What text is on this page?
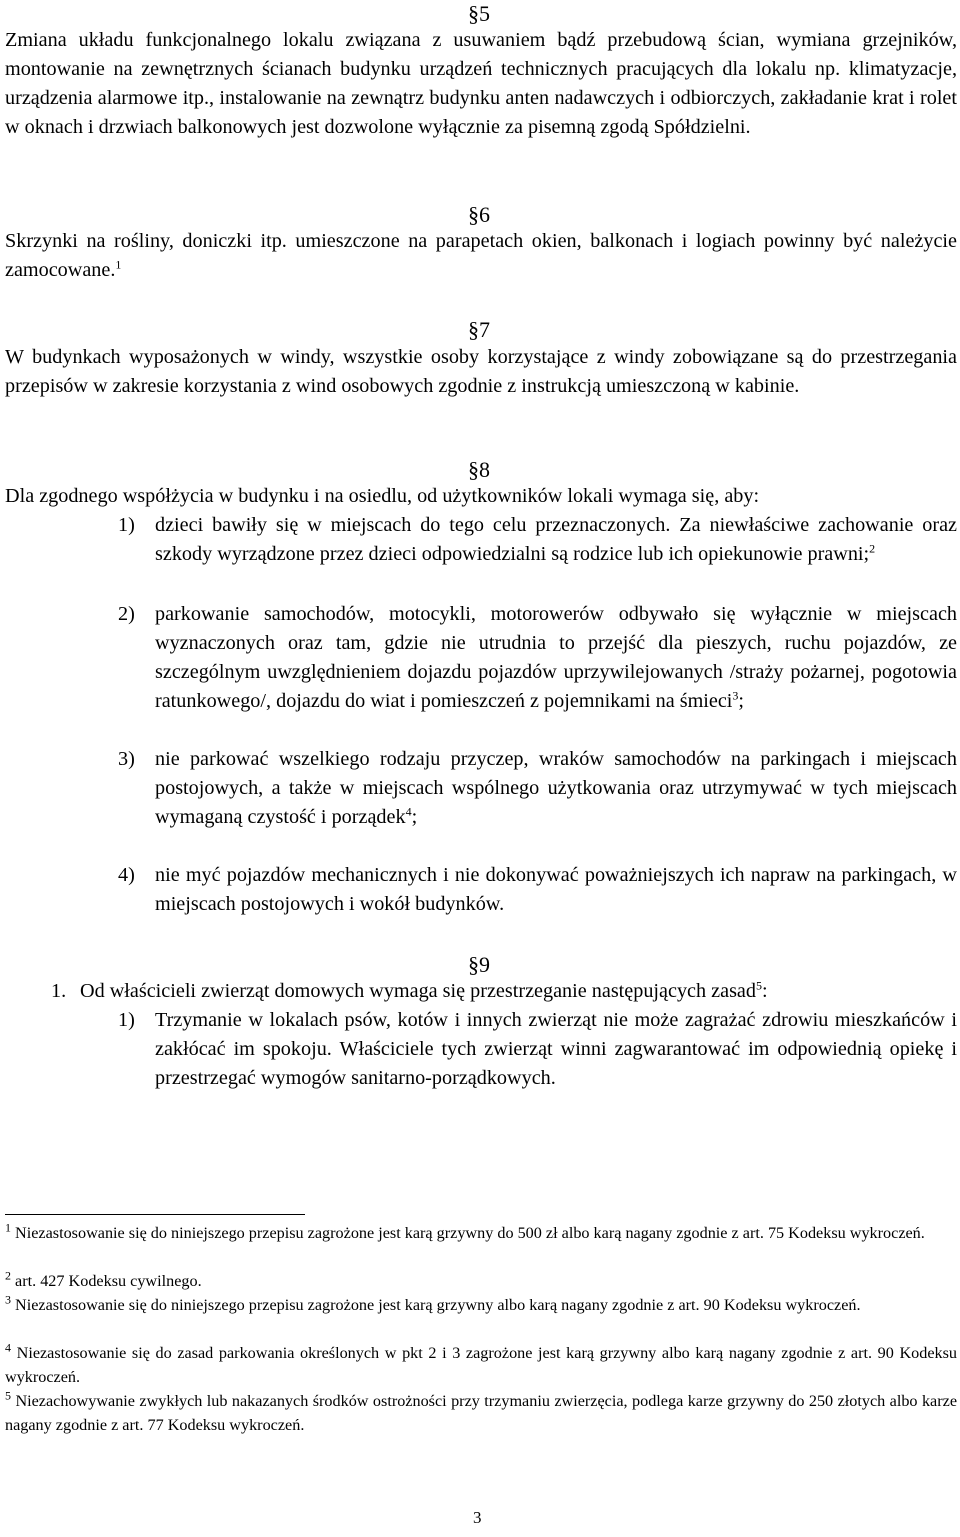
§5
Zmiana układu funkcjonalnego lokalu związana z usuwaniem bądź przebudową ścian, wymiana grzejników, montowanie na zewnętrznych ścianach budynku urządzeń technicznych pracujących dla lokalu np. klimatyzacje, urządzenia alarmowe itp., instalowanie na zewnątrz budynku anten nadawczych i odbiorczych, zakładanie krat i rolet w oknach i drzwiach balkonowych jest dozwolone wyłącznie za pisemną zgodą Spółdzielni.
§6
Skrzynki na rośliny, doniczki itp. umieszczone na parapetach okien, balkonach i logiach powinny być należycie zamocowane.$^1$
§7
W budynkach wyposażonych w windy, wszystkie osoby korzystające z windy zobowiązane są do przestrzegania przepisów w zakresie korzystania z wind osobowych zgodnie z instrukcją umieszczoną w kabinie.
§8
Dla zgodnego współżycia w budynku i na osiedlu, od użytkowników lokali wymaga się, aby:
1) dzieci bawiły się w miejscach do tego celu przeznaczonych. Za niewłaściwe zachowanie oraz szkody wyrządzone przez dzieci odpowiedzialni są rodzice lub ich opiekunowie prawni;$^2$
2) parkowanie samochodów, motocykli, motorowerów odbywało się wyłącznie w miejscach wyznaczonych oraz tam, gdzie nie utrudnia to przejść dla pieszych, ruchu pojazdów, ze szczególnym uwzględnieniem dojazdu pojazdów uprzywilejowanych /straży pożarnej, pogotowia ratunkowego/, dojazdu do wiat i pomieszczeń z pojemnikami na śmieci$^3$;
3) nie parkować wszelkiego rodzaju przyczep, wraków samochodów na parkingach i miejscach postojowych, a także w miejscach wspólnego użytkowania oraz utrzymywać w tych miejscach wymaganą czystość i porządek$^4$;
4) nie myć pojazdów mechanicznych i nie dokonywać poważniejszych ich napraw na parkingach, w miejscach postojowych i wokół budynków.
§9
1. Od właścicieli zwierząt domowych wymaga się przestrzeganie następujących zasad$^5$:
1) Trzymanie w lokalach psów, kotów i innych zwierząt nie może zagrażać zdrowiu mieszkańców i zakłócać im spokoju. Właściciele tych zwierząt winni zagwarantować im odpowiednią opiekę i przestrzegać wymogów sanitarno-porządkowych.
$^1$ Niezastosowanie się do niniejszego przepisu zagrożone jest karą grzywny do 500 zł albo karą nagany zgodnie z art. 75 Kodeksu wykroczeń.
$^2$ art. 427 Kodeksu cywilnego.
$^3$ Niezastosowanie się do niniejszego przepisu zagrożone jest karą grzywny albo karą nagany zgodnie z art. 90 Kodeksu wykroczeń.
$^4$ Niezastosowanie się do zasad parkowania określonych w pkt 2 i 3 zagrożone jest karą grzywny albo karą nagany zgodnie z art. 90 Kodeksu wykroczeń.
$^5$ Niezachowywanie zwykłych lub nakazanych środków ostrożności przy trzymaniu zwierzęcia, podlega karze grzywny do 250 złotych albo karze nagany zgodnie z art. 77 Kodeksu wykroczeń.
3
